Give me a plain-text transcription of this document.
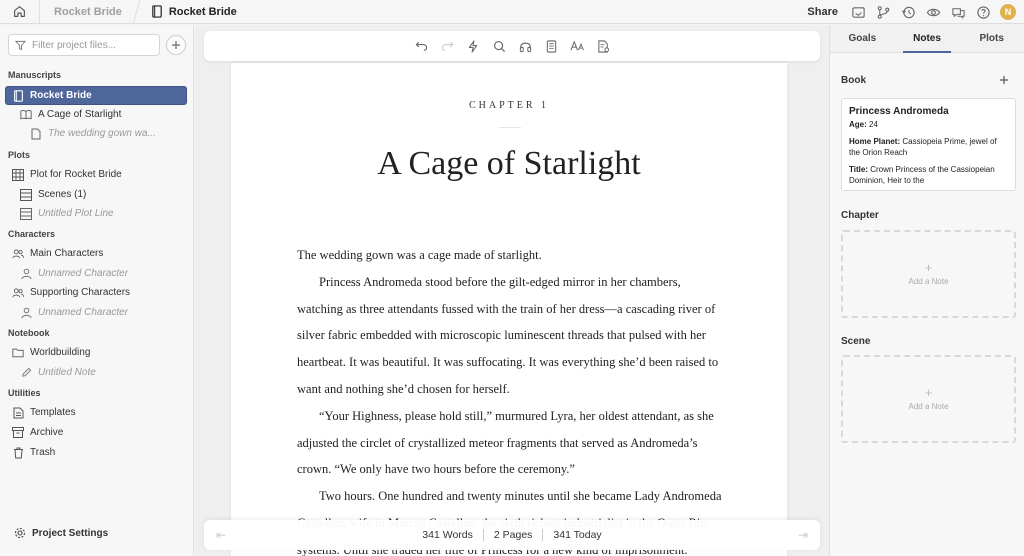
Rocket Bride	Rocket Bride	Share	N
Filter project files...
Manuscripts
Rocket Bride
A Cage of Starlight
The wedding gown wa...
Plots
Plot for Rocket Bride
Scenes (1)
Untitled Plot Line
Characters
Main Characters
Unnamed Character
Supporting Characters
Unnamed Character
Notebook
Worldbuilding
Untitled Note
Utilities
Templates
Archive
Trash
Project Settings
CHAPTER 1
A Cage of Starlight

The wedding gown was a cage made of starlight.

Princess Andromeda stood before the gilt-edged mirror in her chambers, watching as three attendants fussed with the train of her dress—a cascading river of silver fabric embedded with microscopic luminescent threads that pulsed with her heartbeat. It was beautiful. It was suffocating. It was everything she’d been raised to want and nothing she’d chosen for herself.

“Your Highness, please hold still,” murmured Lyra, her oldest attendant, as she adjusted the circlet of crystallized meteor fragments that served as Andromeda’s crown. “We only have two hours before the ceremony.”

Two hours. One hundred and twenty minutes until she became Lady Andromeda

⇤	341 Words 2 Pages 341 Today	⇥
Goals	Notes	Plots
Book
Princess Andromeda
Age: 24
Home Planet: Cassiopeia Prime, jewel of the Orion Reach
Title: Crown Princess of the Cassiopeian Dominion, Heir to the
Chapter
+
Add a Note
Scene
+
Add a Note
